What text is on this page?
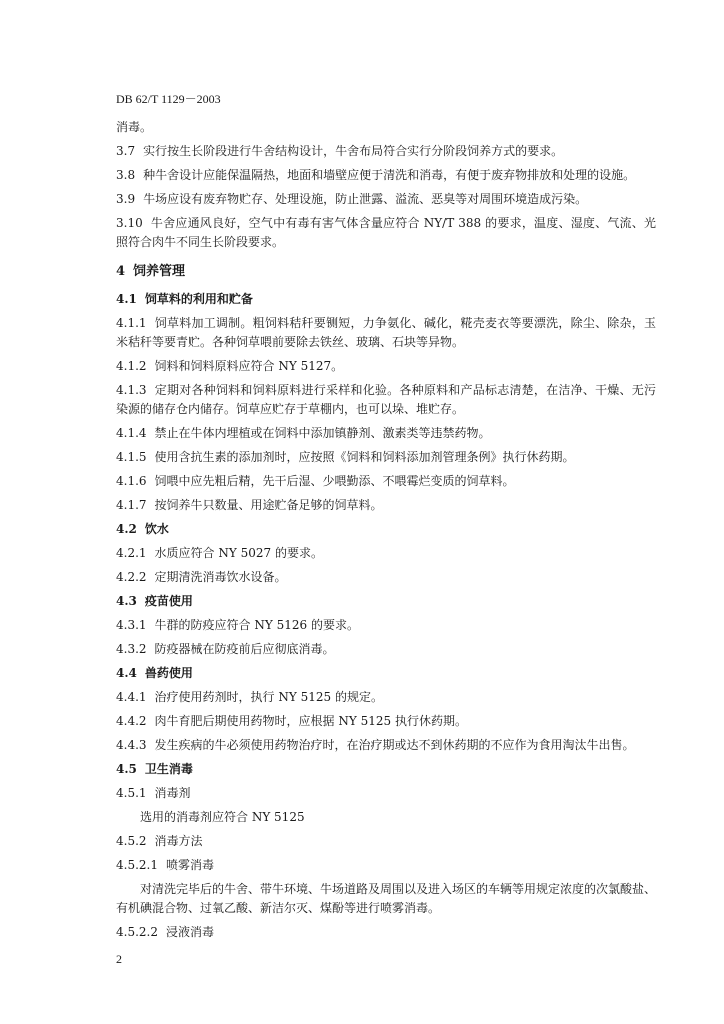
DB 62/T 1129－2003

消毒。

3.7 实行按生长阶段进行牛舍结构设计，牛舍布局符合实行分阶段饲养方式的要求。

3.8 种牛舍设计应能保温隔热，地面和墙壁应便于清洗和消毒，有便于废弃物排放和处理的设施。

3.9 牛场应设有废弃物贮存、处理设施，防止泄露、溢流、恶臭等对周围环境造成污染。

3.10 牛舍应通风良好，空气中有毒有害气体含量应符合 NY/T 388 的要求，温度、湿度、气流、光照符合肉牛不同生长阶段要求。

4 饲养管理

4.1 饲草料的利用和贮备

4.1.1 饲草料加工调制。粗饲料秸秆要铡短，力争氨化、碱化，糀壳麦衣等要漂洗，除尘、除杂，玉米秸秆等要青贮。各种饲草喂前要除去铁丝、玻璃、石块等异物。

4.1.2 饲料和饲料原料应符合 NY 5127。

4.1.3 定期对各种饲料和饲料原料进行采样和化验。各种原料和产品标志清楚，在洁净、干燥、无污染源的储存仓内储存。饲草应贮存于草棚内，也可以垛、堆贮存。

4.1.4 禁止在牛体内埋植或在饲料中添加镇静剂、激素类等违禁药物。

4.1.5 使用含抗生素的添加剂时，应按照《饲料和饲料添加剂管理条例》执行休药期。

4.1.6 饲喂中应先粗后精，先干后湿、少喂勤添、不喂霉烂变质的饲草料。

4.1.7 按饲养牛只数量、用途贮备足够的饲草料。

4.2 饮水

4.2.1 水质应符合 NY 5027 的要求。

4.2.2 定期清洗消毒饮水设备。

4.3 疫苗使用

4.3.1 牛群的防疫应符合 NY 5126 的要求。

4.3.2 防疫器械在防疫前后应彻底消毒。

4.4 兽药使用

4.4.1 治疗使用药剂时，执行 NY 5125 的规定。

4.4.2 肉牛育肥后期使用药物时，应根据 NY 5125 执行休药期。

4.4.3 发生疾病的牛必须使用药物治疗时，在治疗期或达不到休药期的不应作为食用淘汰牛出售。

4.5 卫生消毒

4.5.1 消毒剂

选用的消毒剂应符合 NY 5125

4.5.2 消毒方法

4.5.2.1 喷雾消毒

对清洗完毕后的牛舍、带牛环境、牛场道路及周围以及进入场区的车辆等用规定浓度的次氯酸盐、有机碘混合物、过氧乙酸、新洁尔灭、煤酚等进行喷雾消毒。

4.5.2.2 浸液消毒

2
